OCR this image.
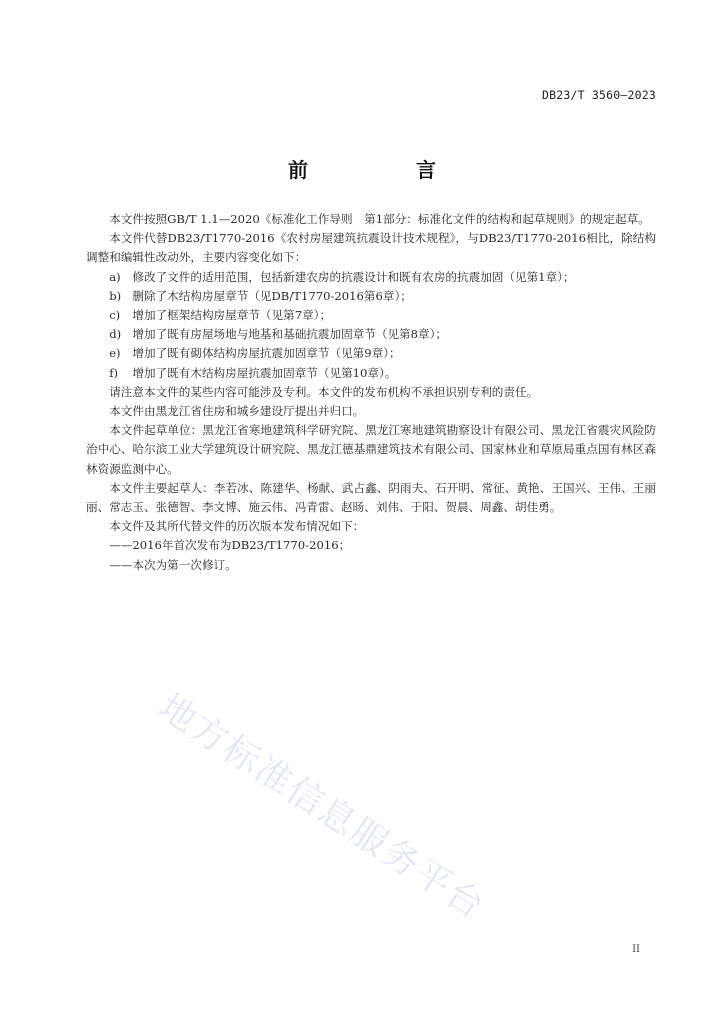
DB23/T 3560—2023
前　言

本文件按照GB/T 1.1—2020《标准化工作导则　第1部分：标准化文件的结构和起草规则》的规定起草。

本文件代替DB23/T1770-2016《农村房屋建筑抗震设计技术规程》，与DB23/T1770-2016相比，除结构调整和编辑性改动外，主要内容变化如下：

a)	修改了文件的适用范围，包括新建农房的抗震设计和既有农房的抗震加固（见第1章）；

b) 删除了木结构房屋章节（见DB/T1770-2016第6章）；

c)	增加了框架结构房屋章节（见第7章）；

d) 增加了既有房屋场地与地基和基础抗震加固章节（见第8章）；

e)	增加了既有砌体结构房屋抗震加固章节（见第9章）；

f)	增加了既有木结构房屋抗震加固章节（见第10章）。

请注意本文件的某些内容可能涉及专利。本文件的发布机构不承担识别专利的责任。

本文件由黑龙江省住房和城乡建设厅提出并归口。

本文件起草单位：黑龙江省寒地建筑科学研究院、黑龙江寒地建筑勘察设计有限公司、黑龙江省震灾风险防治中心、哈尔滨工业大学建筑设计研究院、黑龙江德基鼎建筑技术有限公司、国家林业和草原局重点国有林区森林资源监测中心。

本文件主要起草人：李若冰、陈建华、杨献、武占鑫、阴雨夫、石开明、常征、黄艳、王国兴、王伟、王丽丽、常志玉、张德智、李文博、施云伟、冯青雷、赵旸、刘伟、于阳、贺晨、周鑫、胡佳勇。

本文件及其所代替文件的历次版本发布情况如下：

——2016年首次发布为DB23/T1770-2016；

——本次为第一次修订。

地方标准信息服务平台
II
